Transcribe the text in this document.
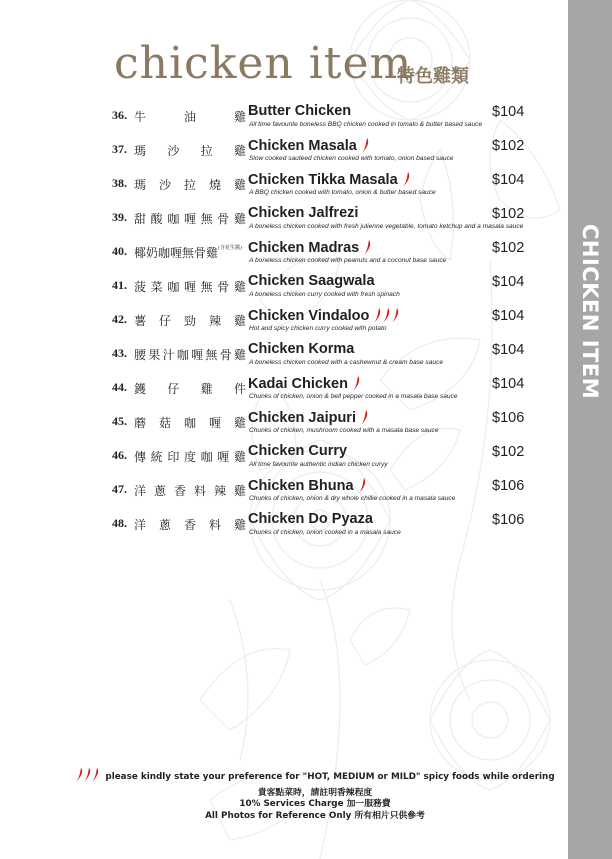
CHICKEN ITEM
chicken item
特色雞類
36. 牛	油	雞 Butter Chicken
All time favourite boneless BBQ chicken cooked in tomato & butter based sauce
$104
37. 瑪 沙 拉 雞 Chicken Masala
Slow cooked sauteed chicken cooked with tomato, onion based sauce
$102
38. 瑪 沙 拉 燒 雞 Chicken Tikka Masala
A BBQ chicken cooked with tomato, onion & butter based sauce
$104
39. 甜 酸 咖 喱 無 骨 雞 Chicken Jalfrezi
A boneless chicken cooked with fresh julienne vegetable, tomato ketchup and a masala sauce
$102
40. 椰奶咖喱無骨雞 (含花生醬) Chicken Madras
A boneless chicken cooked with peanuts and a coconut base sauce
$102
41. 菠 菜 咖 喱 無 骨 雞 Chicken Saagwala
A boneless chicken curry cooked with fresh spinach
$104
42. 薯 仔 勁 辣 雞 Chicken Vindaloo
Hot and spicy chicken curry cooked with potato
$104
43. 腰 果 汁 咖 喱 無 骨 雞 Chicken Korma
A boneless chicken cooked with a cashewnut & cream base sauce
$104
44. 鑊 仔 雞 件 Kadai Chicken
Chunks of chicken, onion & bell pepper cooked in a masala base sauce
$104
45. 蘑 菇 咖 喱 雞 Chicken Jaipuri
Chunks of chicken, mushroom cooked with a masala base sauce
$106
46. 傳 統 印 度 咖 喱 雞 Chicken Curry
All time favourite authentic indian chicken curyy
$102
47. 洋 蔥 香 料 辣 雞 Chicken Bhuna
Chunks of chicken, onion & dry whole chillie cooked in a masala sauce
$106
48. 洋 蔥 香 料 雞 Chicken Do Pyaza
Chunks of chicken, onion cooked in a masala sauce
$106
please kindly state your preference for "HOT, MEDIUM or MILD" spicy foods while ordering
貴客點菜時，請註明香辣程度
10% Services Charge 加一服務費
All Photos for Reference Only 所有相片只供參考
